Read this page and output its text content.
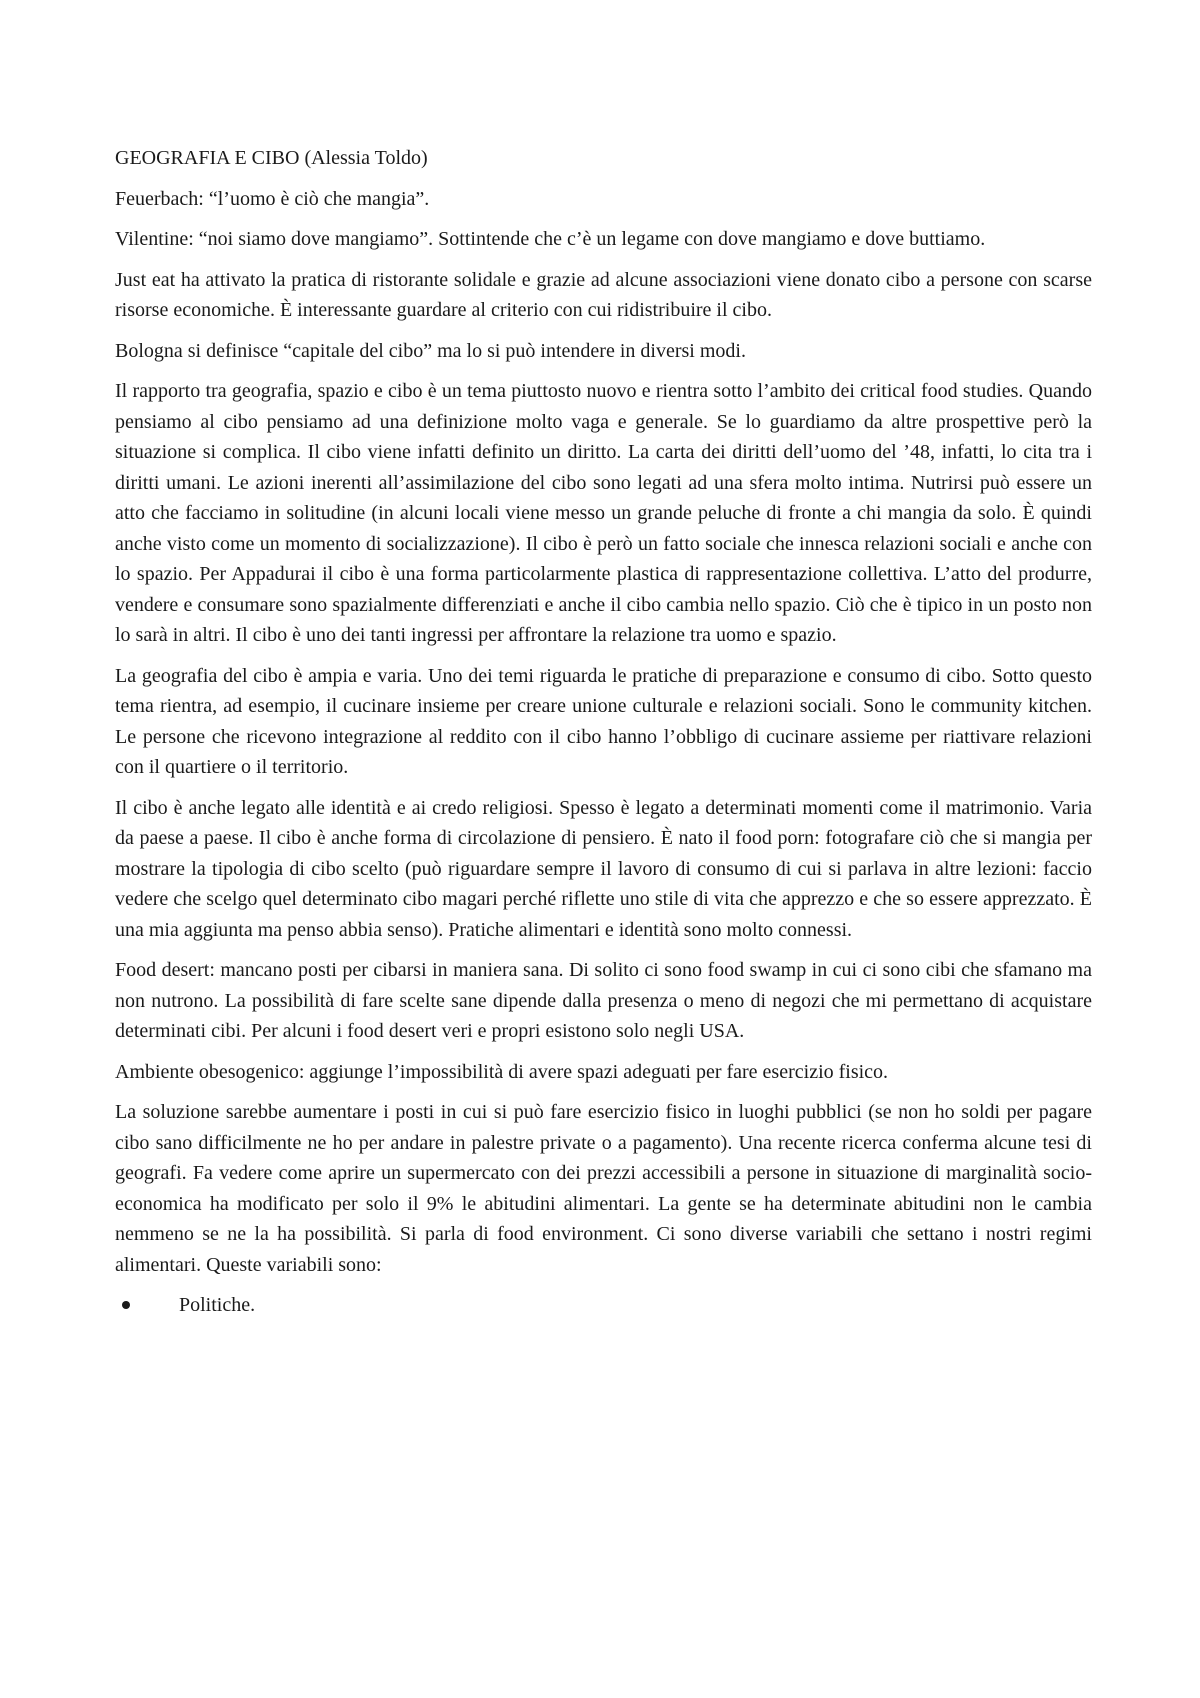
GEOGRAFIA E CIBO (Alessia Toldo)

Feuerbach: “l’uomo è ciò che mangia”.

Vilentine: “noi siamo dove mangiamo”. Sottintende che c’è un legame con dove mangiamo e dove buttiamo.

Just eat ha attivato la pratica di ristorante solidale e grazie ad alcune associazioni viene donato cibo a persone con scarse risorse economiche. È interessante guardare al criterio con cui ridistribuire il cibo.

Bologna si definisce “capitale del cibo” ma lo si può intendere in diversi modi.

Il rapporto tra geografia, spazio e cibo è un tema piuttosto nuovo e rientra sotto l’ambito dei critical food studies. Quando pensiamo al cibo pensiamo ad una definizione molto vaga e generale. Se lo guardiamo da altre prospettive però la situazione si complica. Il cibo viene infatti definito un diritto. La carta dei diritti dell’uomo del ’48, infatti, lo cita tra i diritti umani. Le azioni inerenti all’assimilazione del cibo sono legati ad una sfera molto intima. Nutrirsi può essere un atto che facciamo in solitudine (in alcuni locali viene messo un grande peluche di fronte a chi mangia da solo. È quindi anche visto come un momento di socializzazione). Il cibo è però un fatto sociale che innesca relazioni sociali e anche con lo spazio. Per Appadurai il cibo è una forma particolarmente plastica di rappresentazione collettiva. L’atto del produrre, vendere e consumare sono spazialmente differenziati e anche il cibo cambia nello spazio. Ciò che è tipico in un posto non lo sarà in altri. Il cibo è uno dei tanti ingressi per affrontare la relazione tra uomo e spazio.

La geografia del cibo è ampia e varia. Uno dei temi riguarda le pratiche di preparazione e consumo di cibo. Sotto questo tema rientra, ad esempio, il cucinare insieme per creare unione culturale e relazioni sociali. Sono le community kitchen. Le persone che ricevono integrazione al reddito con il cibo hanno l’obbligo di cucinare assieme per riattivare relazioni con il quartiere o il territorio.

Il cibo è anche legato alle identità e ai credo religiosi. Spesso è legato a determinati momenti come il matrimonio. Varia da paese a paese. Il cibo è anche forma di circolazione di pensiero. È nato il food porn: fotografare ciò che si mangia per mostrare la tipologia di cibo scelto (può riguardare sempre il lavoro di consumo di cui si parlava in altre lezioni: faccio vedere che scelgo quel determinato cibo magari perché riflette uno stile di vita che apprezzo e che so essere apprezzato. È una mia aggiunta ma penso abbia senso). Pratiche alimentari e identità sono molto connessi.

Food desert: mancano posti per cibarsi in maniera sana. Di solito ci sono food swamp in cui ci sono cibi che sfamano ma non nutrono. La possibilità di fare scelte sane dipende dalla presenza o meno di negozi che mi permettano di acquistare determinati cibi. Per alcuni i food desert veri e propri esistono solo negli USA.

Ambiente obesogenico: aggiunge l’impossibilità di avere spazi adeguati per fare esercizio fisico.

La soluzione sarebbe aumentare i posti in cui si può fare esercizio fisico in luoghi pubblici (se non ho soldi per pagare cibo sano difficilmente ne ho per andare in palestre private o a pagamento). Una recente ricerca conferma alcune tesi di geografi. Fa vedere come aprire un supermercato con dei prezzi accessibili a persone in situazione di marginalità socio-economica ha modificato per solo il 9% le abitudini alimentari. La gente se ha determinate abitudini non le cambia nemmeno se ne la ha possibilità. Si parla di food environment. Ci sono diverse variabili che settano i nostri regimi alimentari. Queste variabili sono:

Politiche.
